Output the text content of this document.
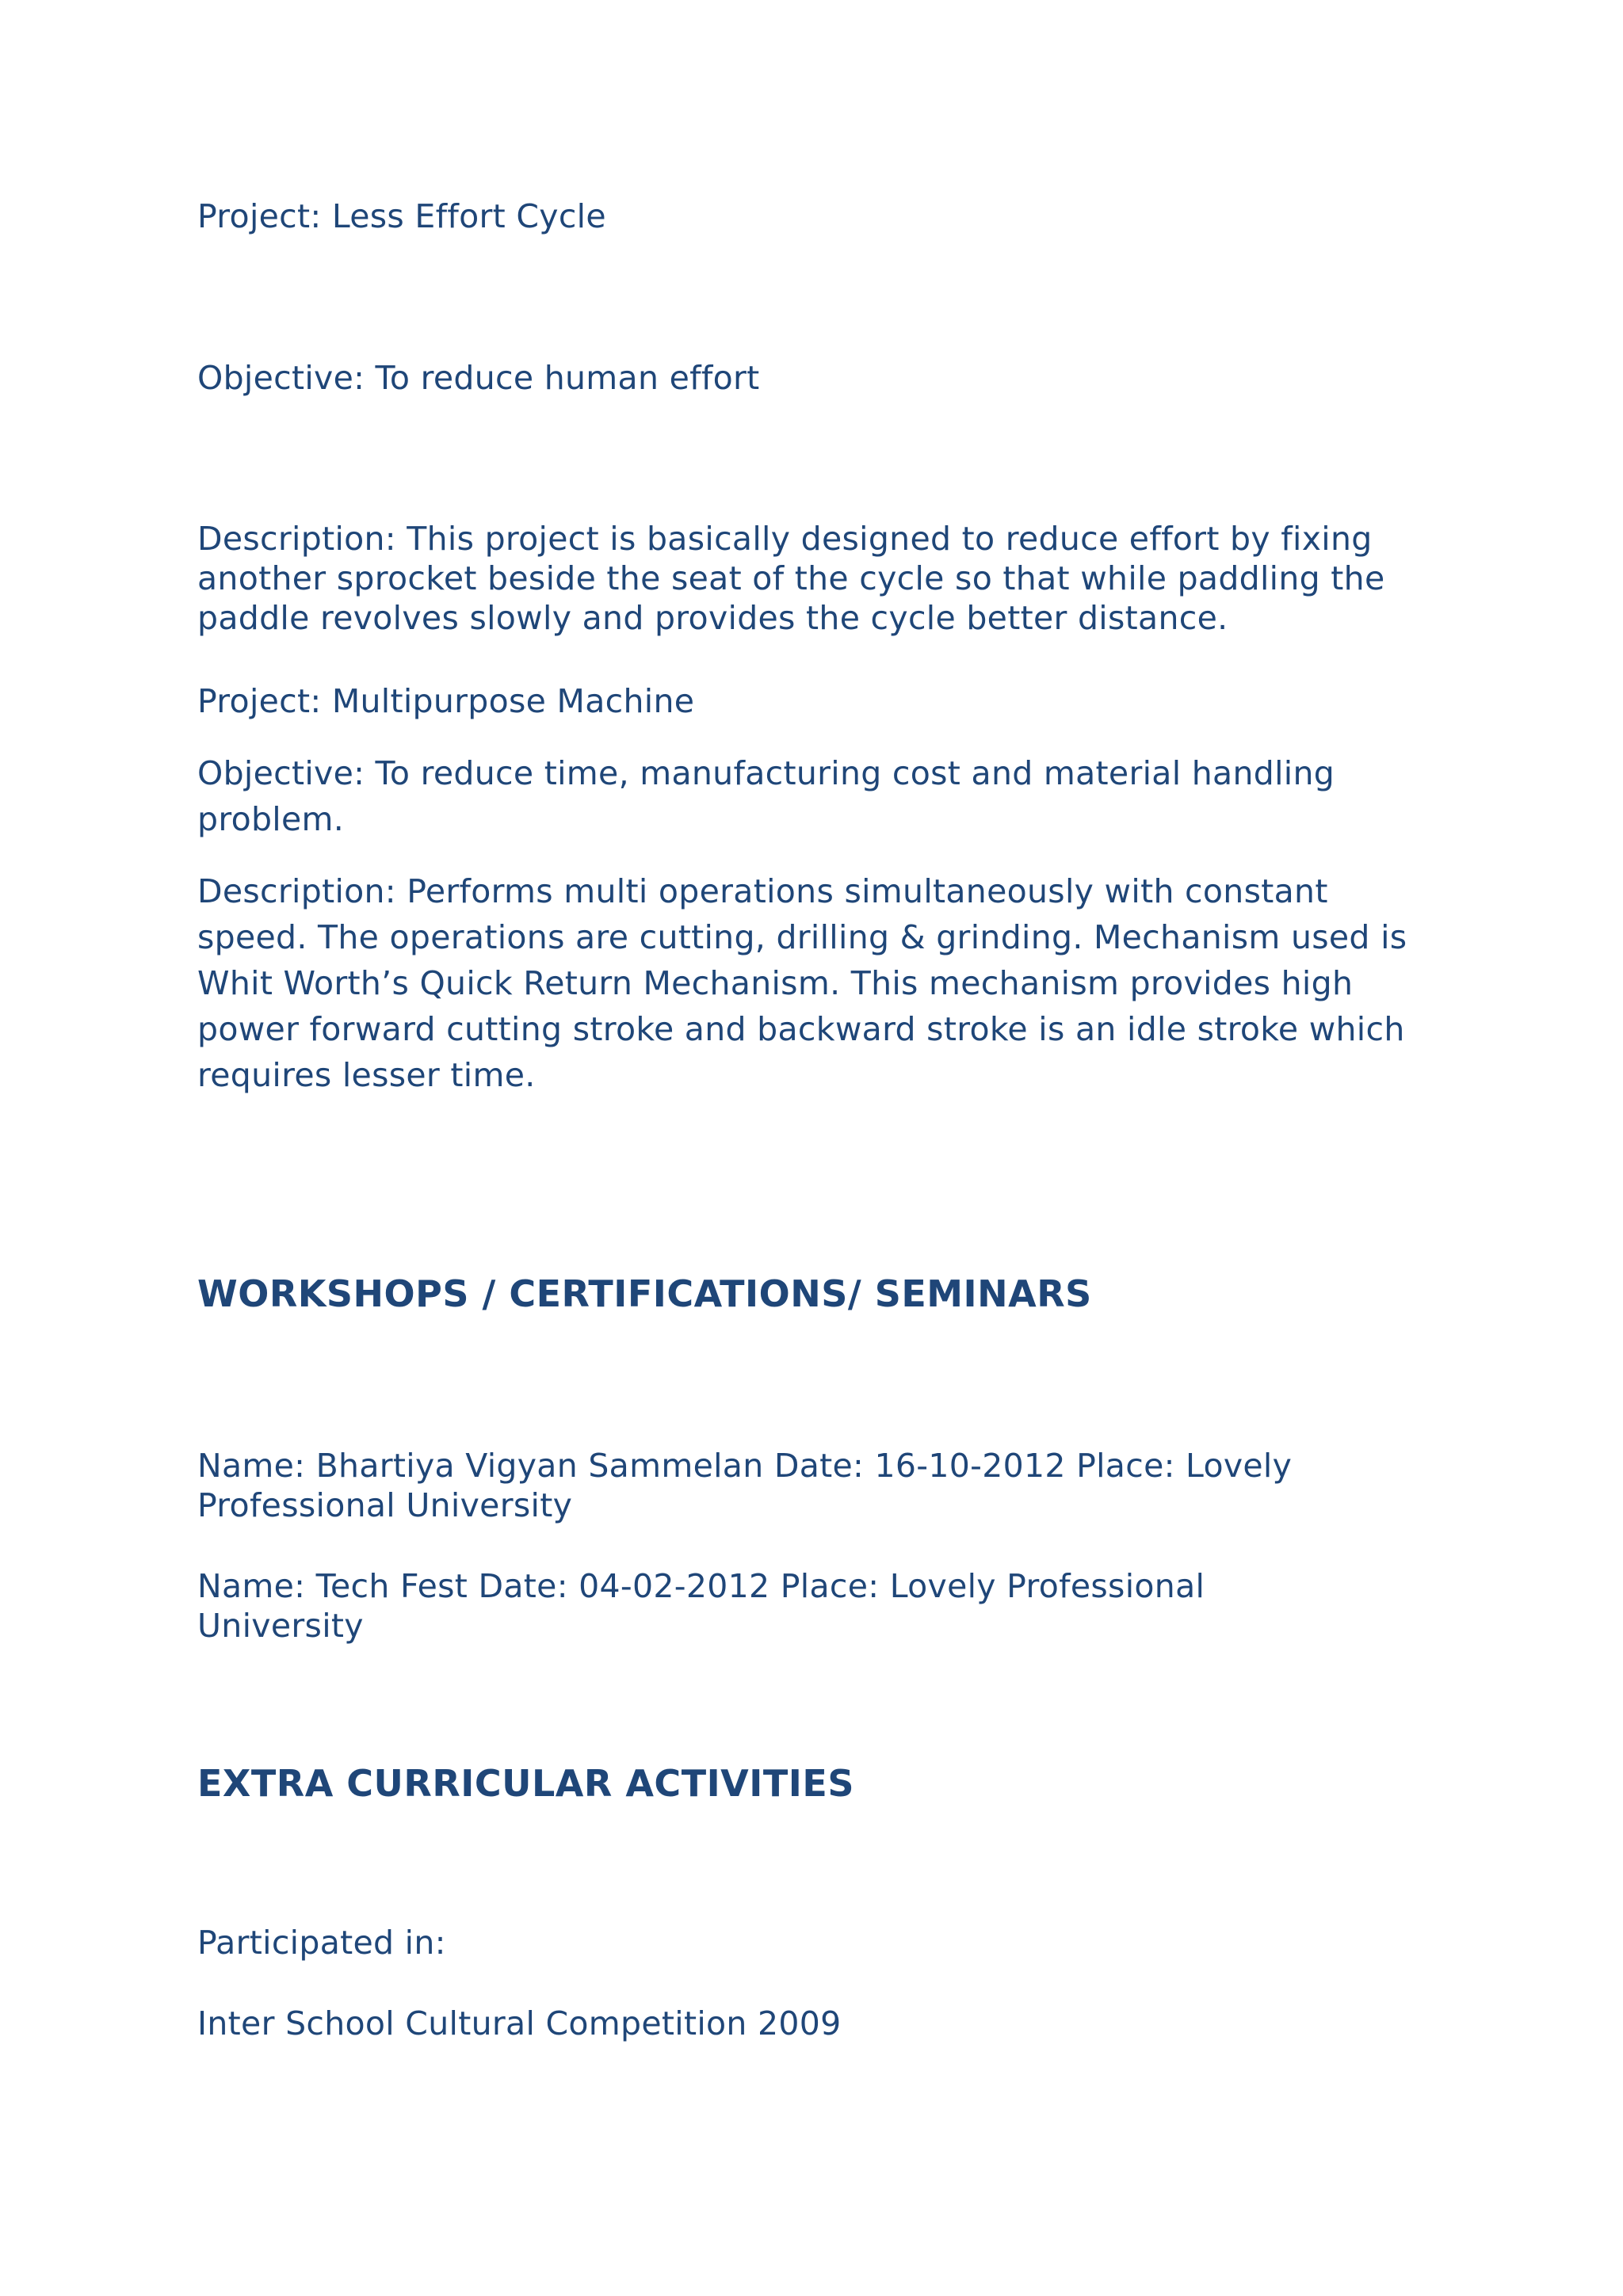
Project: Less Effort Cycle

Objective: To reduce human effort

Description: This project is basically designed to reduce effort by fixing
another sprocket beside the seat of the cycle so that while paddling the
paddle revolves slowly and provides the cycle better distance.

Project: Multipurpose Machine

Objective: To reduce time, manufacturing cost and material handling
problem.
Description: Performs multi operations simultaneously with constant
speed. The operations are cutting, drilling & grinding. Mechanism used is
Whit Worth’s Quick Return Mechanism. This mechanism provides high
power forward cutting stroke and backward stroke is an idle stroke which
requires lesser time.
WORKSHOPS / CERTIFICATIONS/ SEMINARS
Name: Bhartiya Vigyan Sammelan Date: 16-10-2012 Place: Lovely
Professional University
Name: Tech Fest Date: 04-02-2012 Place: Lovely Professional
University
EXTRA CURRICULAR ACTIVITIES

Participated in:

Inter School Cultural Competition 2009
